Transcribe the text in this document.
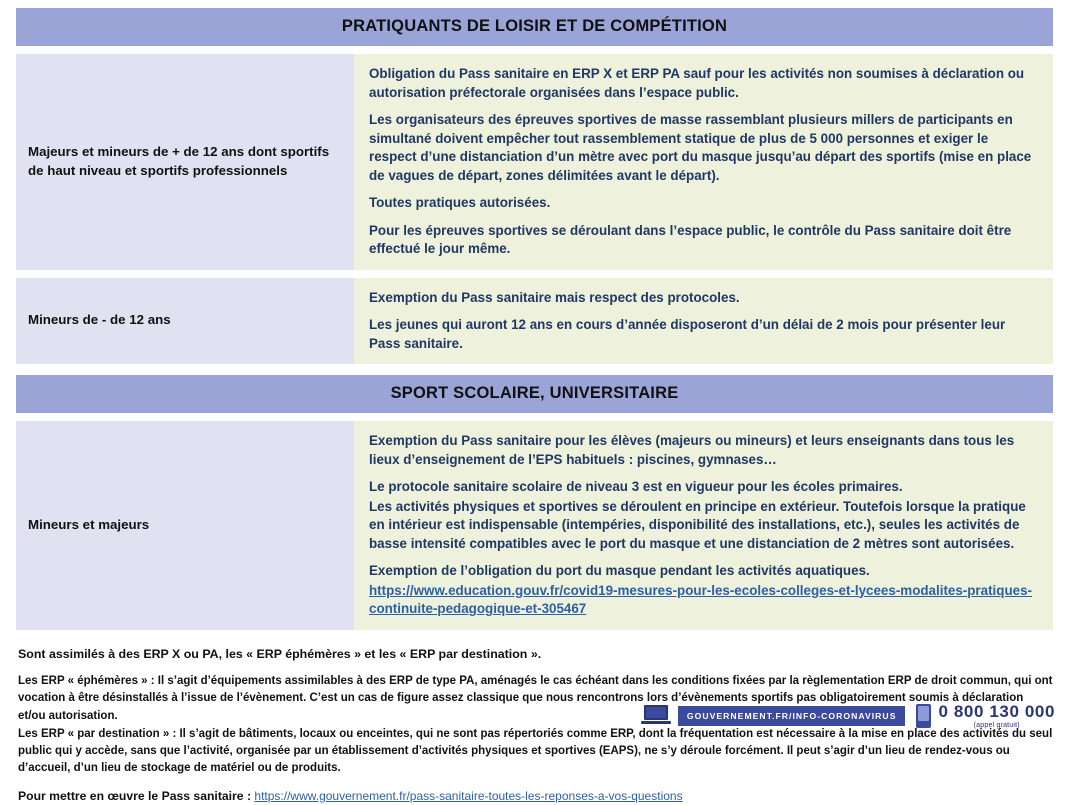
PRATIQUANTS DE LOISIR ET DE COMPÉTITION
Majeurs et mineurs de + de 12 ans dont sportifs de haut niveau et sportifs professionnels

Obligation du Pass sanitaire en ERP X et ERP PA sauf pour les activités non soumises à déclaration ou autorisation préfectorale organisées dans l’espace public.

Les organisateurs des épreuves sportives de masse rassemblant plusieurs millers de participants en simultané doivent empêcher tout rassemblement statique de plus de 5 000 personnes et exiger le respect d’une distanciation d’un mètre avec port du masque jusqu’au départ des sportifs (mise en place de vagues de départ, zones délimitées avant le départ).

Toutes pratiques autorisées.

Pour les épreuves sportives se déroulant dans l’espace public, le contrôle du Pass sanitaire doit être effectué le jour même.

Mineurs de - de 12 ans

Exemption du Pass sanitaire mais respect des protocoles.

Les jeunes qui auront 12 ans en cours d’année disposeront d’un délai de 2 mois pour présenter leur Pass sanitaire.

SPORT SCOLAIRE, UNIVERSITAIRE
Mineurs et majeurs

Exemption du Pass sanitaire pour les élèves (majeurs ou mineurs) et leurs enseignants dans tous les lieux d’enseignement de l’EPS habituels : piscines, gymnases…

Le protocole sanitaire scolaire de niveau 3 est en vigueur pour les écoles primaires.

Les activités physiques et sportives se déroulent en principe en extérieur. Toutefois lorsque la pratique en intérieur est indispensable (intempéries, disponibilité des installations, etc.), seules les activités de basse intensité compatibles avec le port du masque et une distanciation de 2 mètres sont autorisées.

Exemption de l’obligation du port du masque pendant les activités aquatiques.

https://www.education.gouv.fr/covid19-mesures-pour-les-ecoles-colleges-et-lycees-modalites-pratiques-continuite-pedagogique-et-305467

Sont assimilés à des ERP X ou PA, les « ERP éphémères » et les « ERP par destination ».

Les ERP « éphémères » : Il s’agit d’équipements assimilables à des ERP de type PA, aménagés le cas échéant dans les conditions fixées par la règlementation ERP de droit commun, qui ont vocation à être désinstallés à l’issue de l’évènement. C’est un cas de figure assez classique que nous rencontrons lors d’évènements sportifs pas obligatoirement soumis à déclaration et/ou autorisation.

Les ERP « par destination » : Il s’agit de bâtiments, locaux ou enceintes, qui ne sont pas répertoriés comme ERP, dont la fréquentation est nécessaire à la mise en place des activités du seul public qui y accède, sans que l’activité, organisée par un établissement d’activités physiques et sportives (EAPS), ne s’y déroule forcément. Il peut s’agir d’un lieu de rendez-vous ou d’accueil, d’un lieu de stockage de matériel ou de produits.

Pour mettre en œuvre le Pass sanitaire : https://www.gouvernement.fr/pass-sanitaire-toutes-les-reponses-a-vos-questions

GOUVERNEMENT.FR/INFO-CORONAVIRUS	0 800 130 000
(appel gratuit)
